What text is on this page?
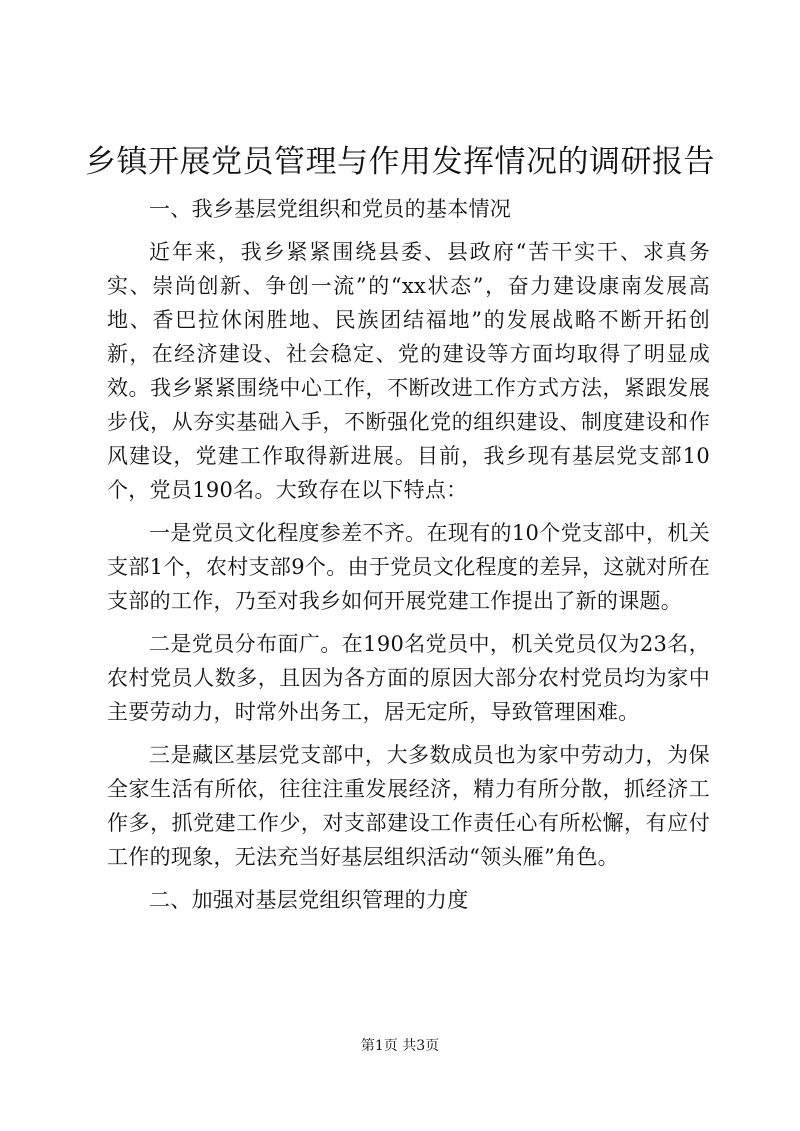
乡镇开展党员管理与作用发挥情况的调研报告

一、我乡基层党组织和党员的基本情况

近年来，我乡紧紧围绕县委、县政府“苦干实干、求真务实、崇尚创新、争创一流”的“xx状态”，奋力建设康南发展高地、香巴拉休闲胜地、民族团结福地”的发展战略不断开拓创新，在经济建设、社会稳定、党的建设等方面均取得了明显成效。我乡紧紧围绕中心工作，不断改进工作方式方法，紧跟发展步伐，从夯实基础入手，不断强化党的组织建设、制度建设和作风建设，党建工作取得新进展。目前，我乡现有基层党支部10个，党员190名。大致存在以下特点：

一是党员文化程度参差不齐。在现有的10个党支部中，机关支部1个，农村支部9个。由于党员文化程度的差异，这就对所在支部的工作，乃至对我乡如何开展党建工作提出了新的课题。

二是党员分布面广。在190名党员中，机关党员仅为23名，农村党员人数多，且因为各方面的原因大部分农村党员均为家中主要劳动力，时常外出务工，居无定所，导致管理困难。

三是藏区基层党支部中，大多数成员也为家中劳动力，为保全家生活有所依，往往注重发展经济，精力有所分散，抓经济工作多，抓党建工作少，对支部建设工作责任心有所松懈，有应付工作的现象，无法充当好基层组织活动“领头雁”角色。

二、加强对基层党组织管理的力度

第1页 共3页
